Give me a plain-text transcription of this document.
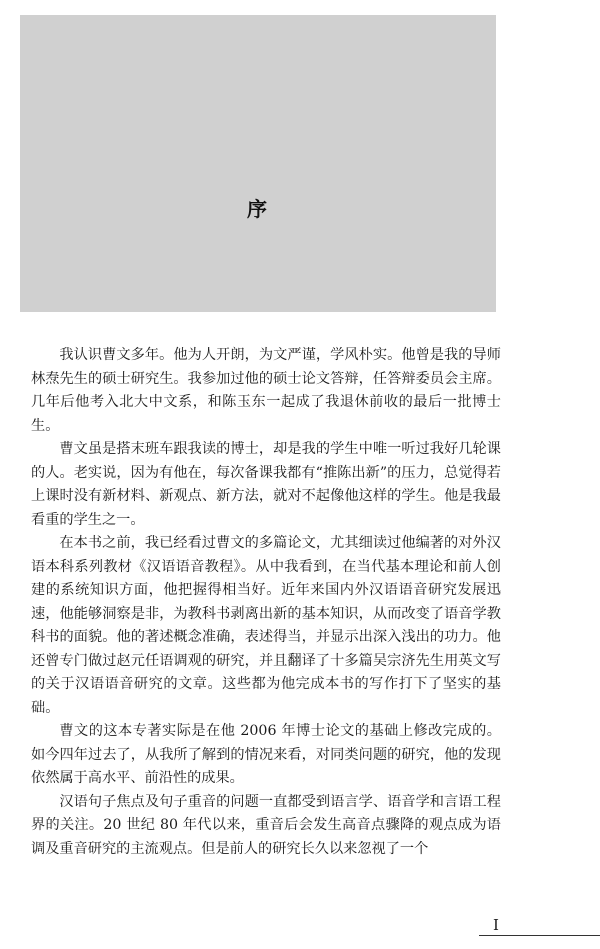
序

我认识曹文多年。他为人开朗，为文严谨，学风朴实。他曾是我的导师林焘先生的硕士研究生。我参加过他的硕士论文答辩，任答辩委员会主席。几年后他考入北大中文系，和陈玉东一起成了我退休前收的最后一批博士生。

曹文虽是搭末班车跟我读的博士，却是我的学生中唯一听过我好几轮课的人。老实说，因为有他在，每次备课我都有“推陈出新”的压力，总觉得若上课时没有新材料、新观点、新方法，就对不起像他这样的学生。他是我最看重的学生之一。

在本书之前，我已经看过曹文的多篇论文，尤其细读过他编著的对外汉语本科系列教材《汉语语音教程》。从中我看到，在当代基本理论和前人创建的系统知识方面，他把握得相当好。近年来国内外汉语语音研究发展迅速，他能够洞察是非，为教科书剥离出新的基本知识，从而改变了语音学教科书的面貌。他的著述概念准确，表述得当，并显示出深入浅出的功力。他还曾专门做过赵元任语调观的研究，并且翻译了十多篇吴宗济先生用英文写的关于汉语语音研究的文章。这些都为他完成本书的写作打下了坚实的基础。

曹文的这本专著实际是在他 2006 年博士论文的基础上修改完成的。如今四年过去了，从我所了解到的情况来看，对同类问题的研究，他的发现依然属于高水平、前沿性的成果。

汉语句子焦点及句子重音的问题一直都受到语言学、语音学和言语工程界的关注。20 世纪 80 年代以来，重音后会发生高音点骤降的观点成为语调及重音研究的主流观点。但是前人的研究长久以来忽视了一个

I
